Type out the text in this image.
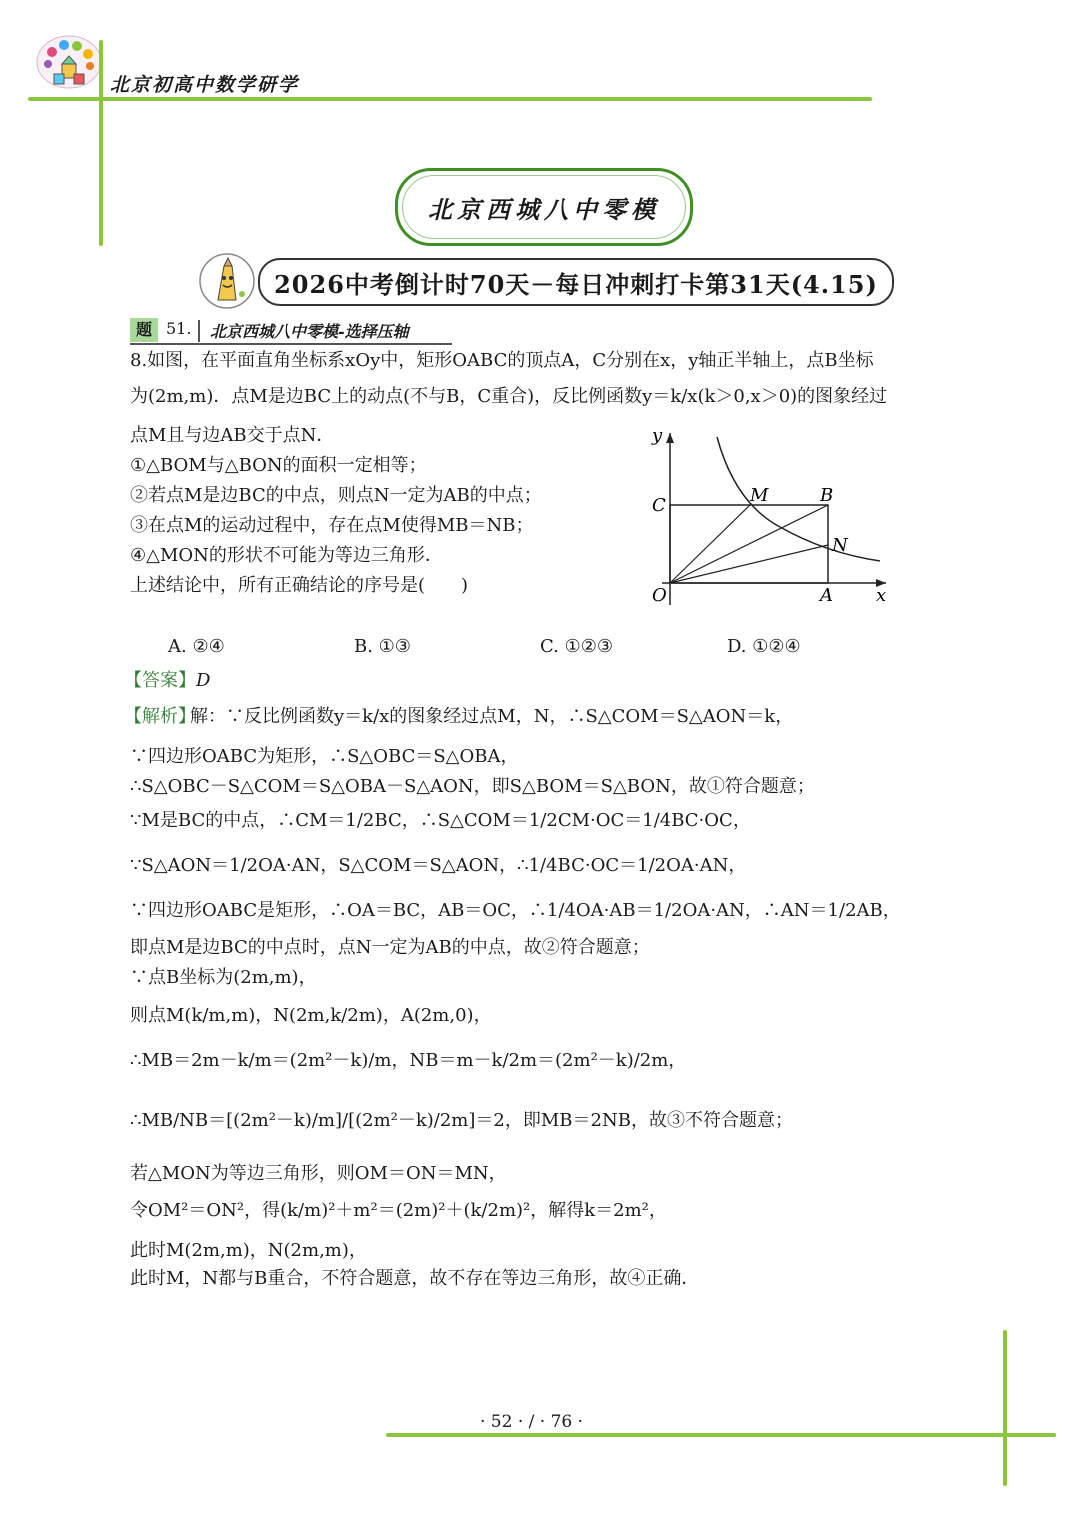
北京初高中数学研学
北京西城八中零模
2026中考倒计时70天－每日冲刺打卡第31天(4.15)
题 51. 北京西城八中零模-选择压轴
8.如图，在平面直角坐标系xOy中，矩形OABC的顶点A，C分别在x，y轴正半轴上，点B坐标
为(2m,m)．点M是边BC上的动点(不与B，C重合)，反比例函数y＝k/x(k＞0,x＞0)的图象经过
点M且与边AB交于点N．
①△BOM与△BON的面积一定相等；
②若点M是边BC的中点，则点N一定为AB的中点；
③在点M的运动过程中，存在点M使得MB＝NB；
④△MON的形状不可能为等边三角形．
上述结论中，所有正确结论的序号是(　　)
y
x
O	A
B
C	M
N
A. ②④	B. ①③	C. ①②③	D. ①②④
【答案】D
【解析】
解：∵反比例函数y＝k/x的图象经过点M，N，∴S△COM＝S△AON＝k，
∵四边形OABC为矩形，∴S△OBC＝S△OBA，
∴S△OBC－S△COM＝S△OBA－S△AON，即S△BOM＝S△BON，故①符合题意；
∵M是BC的中点，∴CM＝1/2BC，∴S△COM＝1/2CM·OC＝1/4BC·OC，
∵S△AON＝1/2OA·AN，S△COM＝S△AON，∴1/4BC·OC＝1/2OA·AN，
∵四边形OABC是矩形，∴OA＝BC，AB＝OC，∴1/4OA·AB＝1/2OA·AN，∴AN＝1/2AB，
即点M是边BC的中点时，点N一定为AB的中点，故②符合题意；
∵点B坐标为(2m,m)，
则点M(k/m,m)，N(2m,k/2m)，A(2m,0)，
∴MB＝2m－k/m＝(2m²－k)/m，NB＝m－k/2m＝(2m²－k)/2m，
∴MB/NB＝[(2m²－k)/m]/[(2m²－k)/2m]＝2，即MB＝2NB，故③不符合题意；
若△MON为等边三角形，则OM＝ON＝MN，
令OM²＝ON²，得(k/m)²＋m²＝(2m)²＋(k/2m)²，解得k＝2m²，
此时M(2m,m)，N(2m,m)，
此时M，N都与B重合，不符合题意，故不存在等边三角形，故④正确．
· 52 · / · 76 ·
